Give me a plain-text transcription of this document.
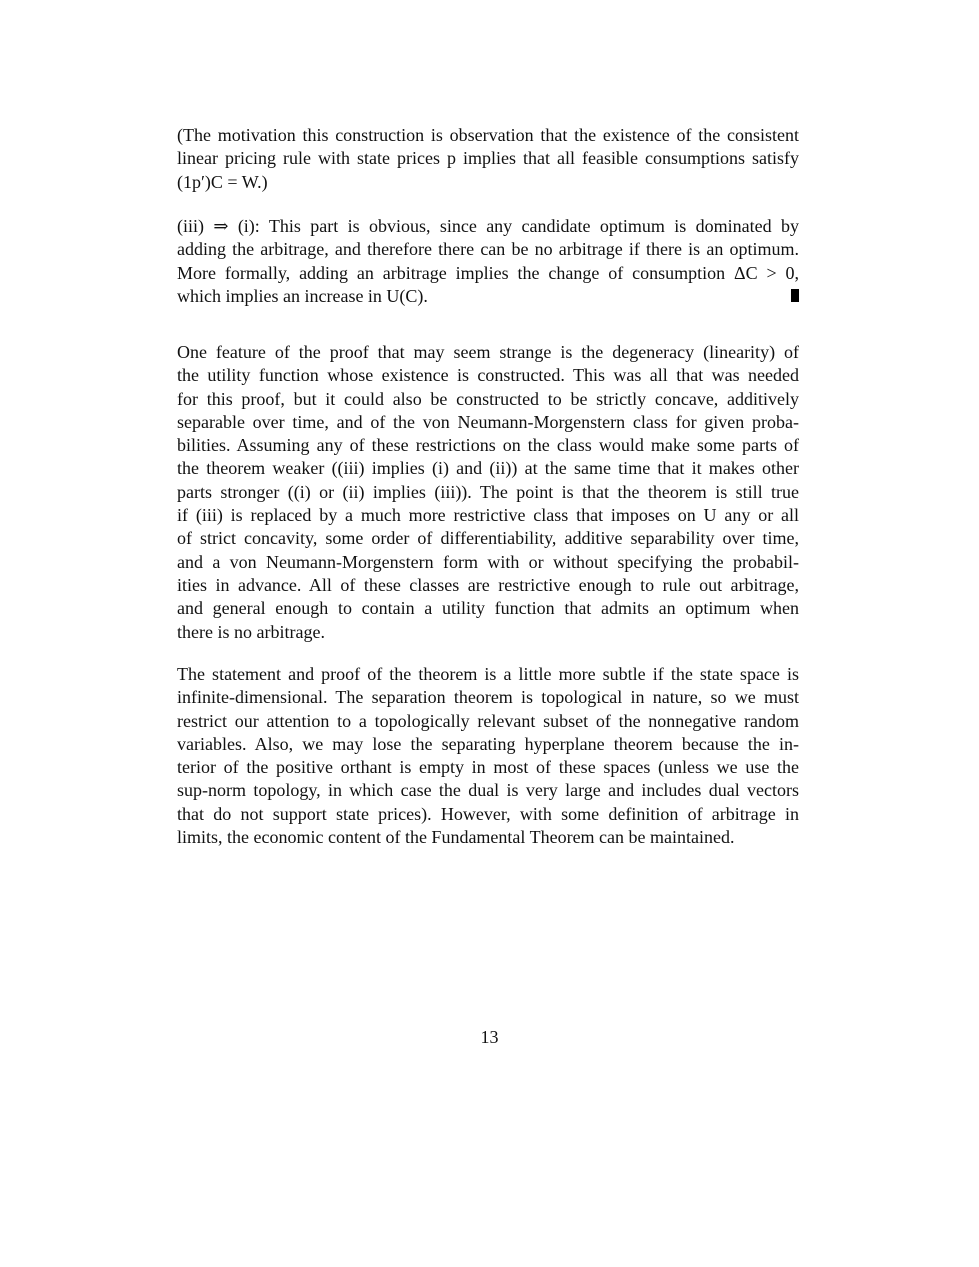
(The motivation this construction is observation that the existence of the consistent
linear pricing rule with state prices p implies that all feasible consumptions satisfy
(1p′)C = W.)
(iii) ⇒ (i): This part is obvious, since any candidate optimum is dominated by
adding the arbitrage, and therefore there can be no arbitrage if there is an optimum.
More formally, adding an arbitrage implies the change of consumption ΔC > 0,
which implies an increase in U(C).
One feature of the proof that may seem strange is the degeneracy (linearity) of
the utility function whose existence is constructed. This was all that was needed
for this proof, but it could also be constructed to be strictly concave, additively
separable over time, and of the von Neumann-Morgenstern class for given proba-
bilities. Assuming any of these restrictions on the class would make some parts of
the theorem weaker ((iii) implies (i) and (ii)) at the same time that it makes other
parts stronger ((i) or (ii) implies (iii)). The point is that the theorem is still true
if (iii) is replaced by a much more restrictive class that imposes on U any or all
of strict concavity, some order of differentiability, additive separability over time,
and a von Neumann-Morgenstern form with or without specifying the probabil-
ities in advance. All of these classes are restrictive enough to rule out arbitrage,
and general enough to contain a utility function that admits an optimum when
there is no arbitrage.
The statement and proof of the theorem is a little more subtle if the state space is
infinite-dimensional. The separation theorem is topological in nature, so we must
restrict our attention to a topologically relevant subset of the nonnegative random
variables. Also, we may lose the separating hyperplane theorem because the in-
terior of the positive orthant is empty in most of these spaces (unless we use the
sup-norm topology, in which case the dual is very large and includes dual vectors
that do not support state prices). However, with some definition of arbitrage in
limits, the economic content of the Fundamental Theorem can be maintained.
13
